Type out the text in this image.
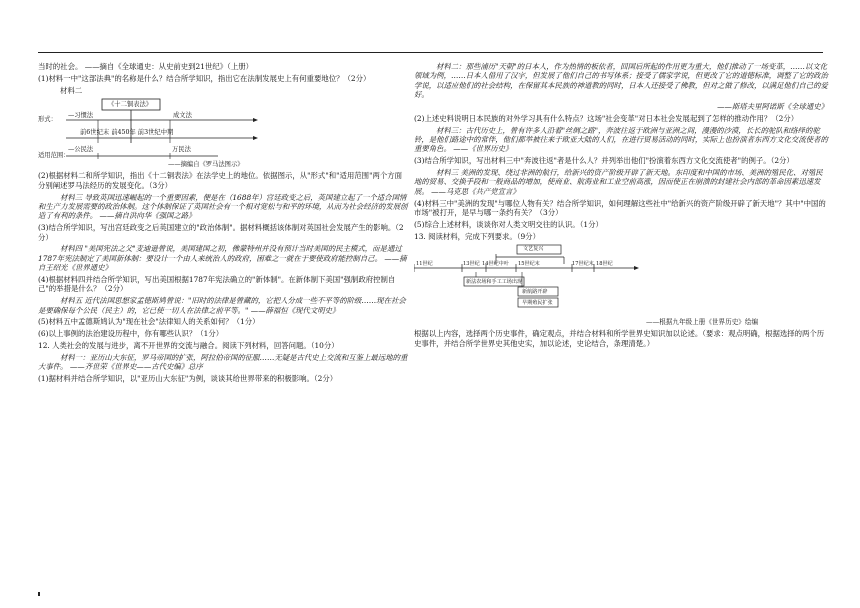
当时的社会。 ——摘自《全球通史：从史前史到21世纪》（上册）

(1)材料一中"这部法典"的名称是什么？结合所学知识，指出它在法制发展史上有何重要地位？（2分）

材料二

《十二铜表法》
形式：
—习惯法	成文法
前6世纪末 前450年 前3世纪中期
适用范围：
—公民法	万民法
——摘编自《罗马法图示》

(2)根据材料二和所学知识，指出《十二铜表法》在法学史上的地位。依据图示，从"形式"和"适用范围"两个方面分别阐述罗马法经历的发展变化。（3分）

材料三 导致英国迅速崛起的一个重要因素，便是在（1688年）宫廷政变之后，英国建立起了一个适合国情和生产力发展需要的政治体制。这个体制保证了英国社会有一个相对宽松与和平的环境，从而为社会经济的发展创造了有利的条件。 ——摘自洪向华《强国之路》

(3)结合所学知识，写出宫廷政变之后英国建立的"政治体制"。据材料概括该体制对英国社会发展产生的影响。（2分）

材料四 "美国宪法之父"麦迪逊曾说，美国建国之初，佛蒙特州并没有预计当时美国的民主模式，而是通过1787年宪法制定了美国新体制：要设计一个由人来统治人的政府，困难之一就在于要使政府能控制自己。 ——摘自王绍光《世界通史》

(4)根据材料四并结合所学知识，写出美国根据1787年宪法确立的"新体制"。在新体制下美国"强制政府控制自己"的举措是什么？（2分）

材料五 近代法国思想家孟德斯鸠曾说："旧时的法律是曾藏的，它把人分成一些不平等的阶级……现在社会是要确保每个公民（民主）的，它已使一切人在法律之前平等。" ——薛福恒《现代文明史》

(5)材料五中孟德斯鸠认为"现在社会"法律知人的关系如何？（1分）

(6)以上事例的法治建设历程中，你有哪些认识？（1分）

12. 人类社会的发展与进步，离不开世界的交流与融合。阅读下列材料，回答问题。（10分）

材料一：亚历山大东征，罗马帝国的扩张，阿拉伯帝国的征服……无疑是古代史上交流和互鉴上最远地的重大事件。 ——齐世荣《世界史——古代史编》总序

(1)据材料并结合所学知识，以"亚历山大东征"为例，谈谈其给世界带来的积极影响。（2分）

材料二：那些浦历"天朝"的日本人，作为热情的板依者，回国后所起的作用更为重大，他们推动了一场变革，……以文化领域为例，……日本人借用了汉字，但发展了他们自己的书写体系；接受了儒家学说，但更改了它的道德标准，调整了它的政治学说，以适应他们的社会结构，在保留其本民族的神道教的同时，日本人还接受了佛教，但对之做了修改，以满足他们自己的爱好。

——斯塔夫里阿诺斯《全球通史》

(2)上述史料说明日本民族的对外学习具有什么特点？这场"社会变革"对日本社会发展起到了怎样的推动作用？（2分）

材料三：古代历史上，曾有许多人沿着"丝绸之路"，奔波往返于欧洲与亚洲之间，漫漫的沙漠，长长的驼队和络绎的驼铃，是他们路途中的常伴，他们都举被往来于欧亚大陆的人们，在进行贸易活动的同时，实际上也扮演者东西方文化交流使者的重要角色。 ——《世界历史》

(3)结合所学知识，写出材料三中"奔波往返"者是什么人？并列举出他们"扮演着东西方文化交流使者"的例子。（2分）

材料三 美洲的发现、绕过非洲的航行，给新兴的资产阶级开辟了新天地。东印度和中国的市场、美洲的殖民化、对殖民地的贸易、交换手段和一般商品的增加，使商业、航海业和工业空前高涨，因而使正在崩溃的封建社会内部的革命因素迅速发展。 ——马克思《共产党宣言》

(4)材料三中"美洲的发现"与哪位人物有关？结合所学知识，如何理解这些社中"给新兴的资产阶级开辟了新天地"？其中"中国的市场"被打开，是早与哪一条约有关？（3分）

(5)综合上述材料，谈谈你对人类文明交往的认识。（1分）

13. 阅读材料，完成下列要求。（9分）

文艺复兴
11世纪	13世纪 14世纪中叶 15世纪末	17世纪末 18世纪
新法农场和手工工场出现
新航路开辟
早期殖民扩张
——根据九年级上册《世界历史》绘编

根据以上内容，选择两个历史事件，确定观点，并结合材料和所学世界史知识加以论述。（要求：观点明确，根据选择的两个历史事件，并结合所学世界史其他史实，加以论述，史论结合，条理清楚。）
